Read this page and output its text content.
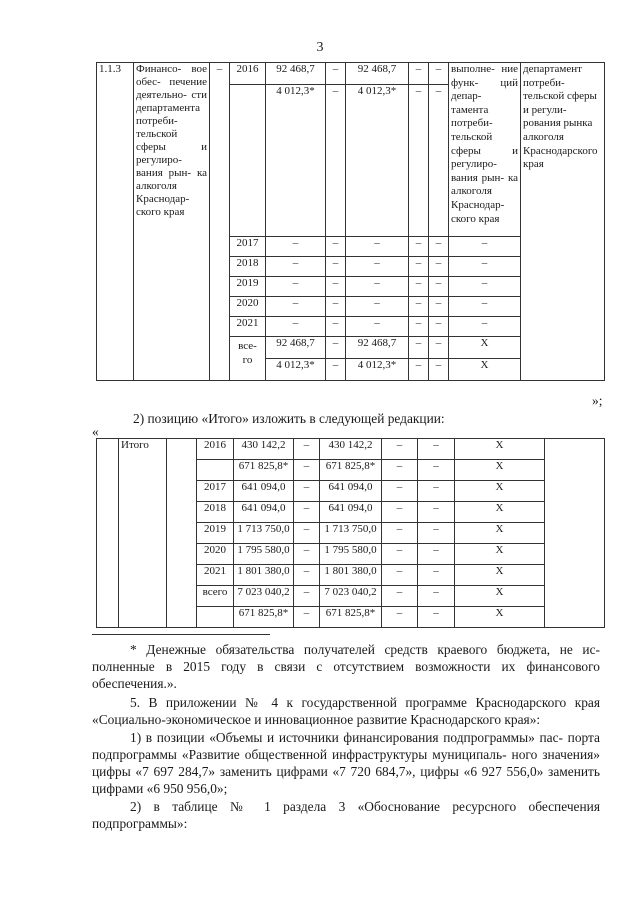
3
1.1.3	Финансо- вое обес- печение деятельно- сти департамента потреби- тельской сферы и регулиро- вания рын- ка алкоголя Краснодар- ского края	–	2016	92 468,7	–	92 468,7	–	–	выполне- ние функ- ций депар- тамента потреби- тельской сферы и регулиро- вания рын- ка алкоголя Краснодар- ского края	департамент потреби- тельской сферы и регули- рования рынка алкоголя Краснодарского края
				4 012,3*	–	4 012,3*	–	–		
			2017	–	–	–	–	–	–	
			2018	–	–	–	–	–	–	
			2019	–	–	–	–	–	–	
			2020	–	–	–	–	–	–	
			2021	–	–	–	–	–	–	
			все- го	92 468,7	–	92 468,7	–	–	Х	
				4 012,3*	–	4 012,3*	–	–	Х	
»;
2) позицию «Итого» изложить в следующей редакции:
«
	Итого		2016	430 142,2	–	430 142,2	–	–	Х	
				671 825,8*	–	671 825,8*	–	–	Х	
			2017	641 094,0	–	641 094,0	–	–	Х	
			2018	641 094,0	–	641 094,0	–	–	Х	
			2019	1 713 750,0	–	1 713 750,0	–	–	Х	
			2020	1 795 580,0	–	1 795 580,0	–	–	Х	
			2021	1 801 380,0	–	1 801 380,0	–	–	Х	
			всего	7 023 040,2	–	7 023 040,2	–	–	Х	
				671 825,8*	–	671 825,8*	–	–	Х	
* Денежные обязательства получателей средств краевого бюджета, не ис- полненные в 2015 году в связи с отсутствием возможности их финансового обеспечения.».
5. В приложении № 4 к государственной программе Краснодарского края «Социально-экономическое и инновационное развитие Краснодарского края»:
1) в позиции «Объемы и источники финансирования подпрограммы» пас- порта подпрограммы «Развитие общественной инфраструктуры муниципаль- ного значения» цифры «7 697 284,7» заменить цифрами «7 720 684,7», цифры «6 927 556,0» заменить цифрами «6 950 956,0»;
2) в таблице № 1 раздела 3 «Обоснование ресурсного обеспечения подпрограммы»:
